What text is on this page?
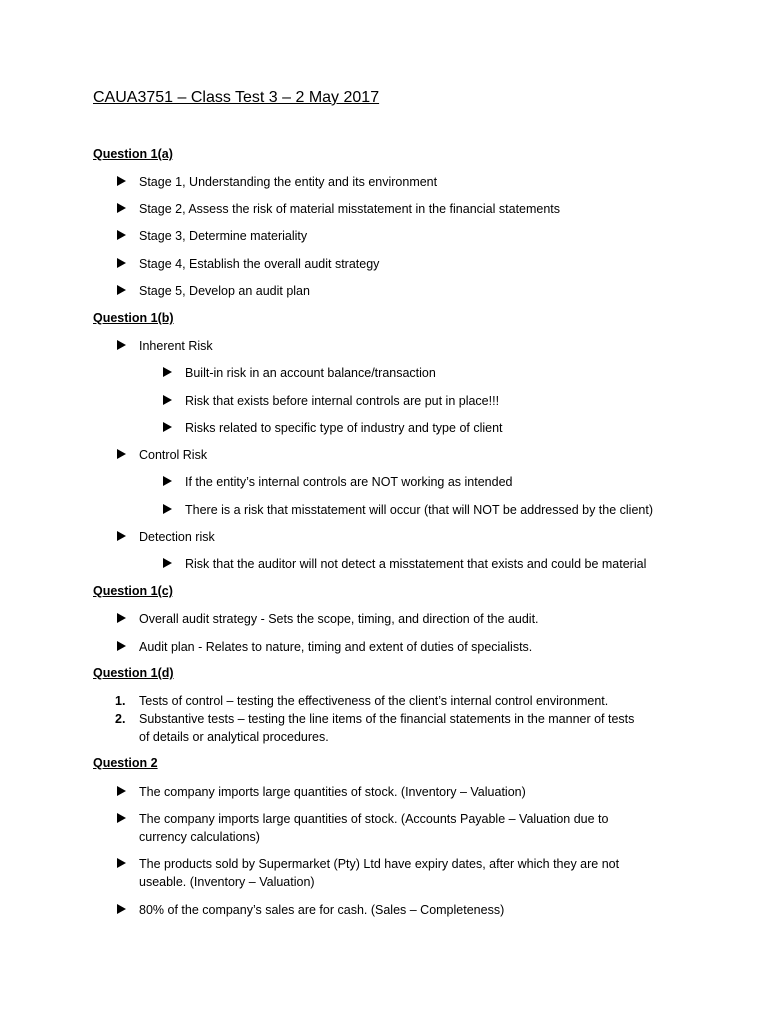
CAUA3751 – Class Test 3 – 2 May 2017
Question 1(a)
Stage 1, Understanding the entity and its environment
Stage 2, Assess the risk of material misstatement in the financial statements
Stage 3, Determine materiality
Stage 4, Establish the overall audit strategy
Stage 5, Develop an audit plan
Question 1(b)
Inherent Risk
Built-in risk in an account balance/transaction
Risk that exists before internal controls are put in place!!!
Risks related to specific type of industry and type of client
Control Risk
If the entity’s internal controls are NOT working as intended
There is a risk that misstatement will occur (that will NOT be addressed by the client)
Detection risk
Risk that the auditor will not detect a misstatement that exists and could be material
Question 1(c)
Overall audit strategy - Sets the scope, timing, and direction of the audit.
Audit plan - Relates to nature, timing and extent of duties of specialists.
Question 1(d)
1. Tests of control – testing the effectiveness of the client’s internal control environment.
2. Substantive tests – testing the line items of the financial statements in the manner of tests
of details or analytical procedures.
Question 2
The company imports large quantities of stock. (Inventory – Valuation)
The company imports large quantities of stock. (Accounts Payable – Valuation due to
currency calculations)
The products sold by Supermarket (Pty) Ltd have expiry dates, after which they are not
useable. (Inventory – Valuation)
80% of the company’s sales are for cash. (Sales – Completeness)
